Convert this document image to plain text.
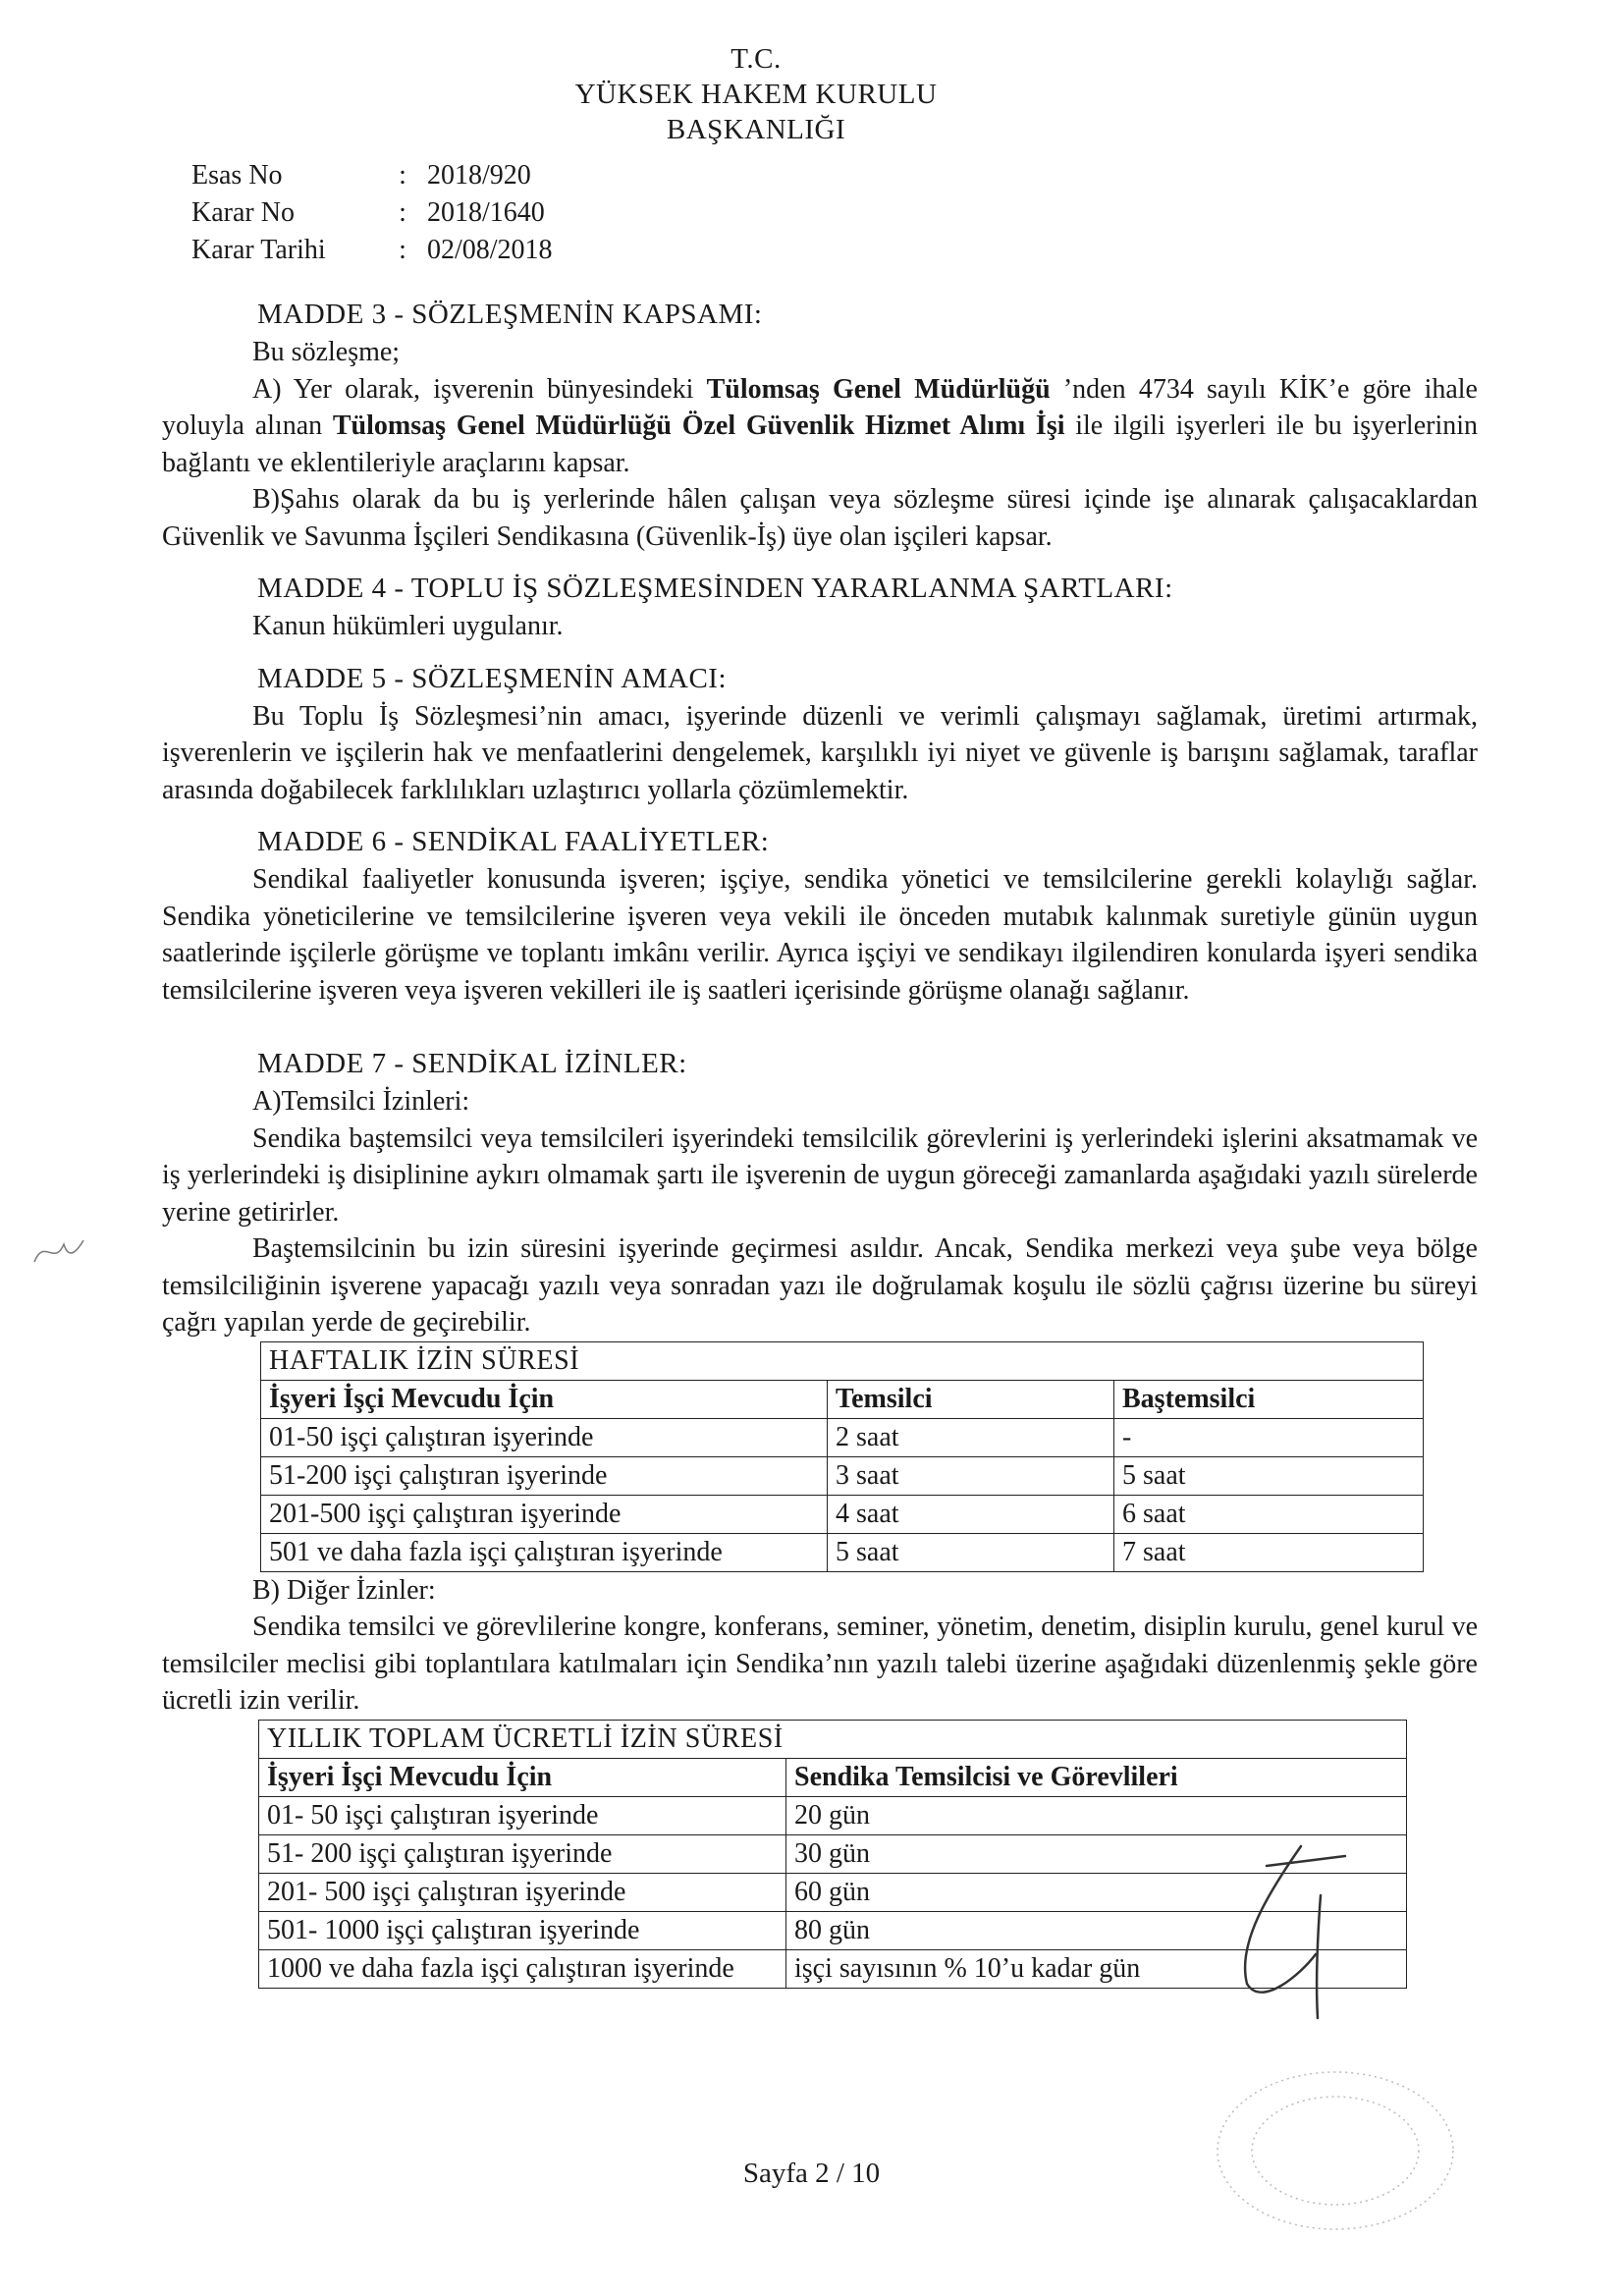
T.C.
YÜKSEK HAKEM KURULU
BAŞKANLIĞI
Esas No	: 2018/920
Karar No	: 2018/1640
Karar Tarihi	: 02/08/2018
MADDE 3 - SÖZLEŞMENİN KAPSAMI:

Bu sözleşme;

A) Yer olarak, işverenin bünyesindeki Tülomsaş Genel Müdürlüğü ’nden 4734 sayılı KİK’e göre ihale yoluyla alınan Tülomsaş Genel Müdürlüğü Özel Güvenlik Hizmet Alımı İşi ile ilgili işyerleri ile bu işyerlerinin bağlantı ve eklentileriyle araçlarını kapsar.

B)Şahıs olarak da bu iş yerlerinde hâlen çalışan veya sözleşme süresi içinde işe alınarak çalışacaklardan Güvenlik ve Savunma İşçileri Sendikasına (Güvenlik-İş) üye olan işçileri kapsar.

MADDE 4 - TOPLU İŞ SÖZLEŞMESİNDEN YARARLANMA ŞARTLARI:

Kanun hükümleri uygulanır.

MADDE 5 - SÖZLEŞMENİN AMACI:

Bu Toplu İş Sözleşmesi’nin amacı, işyerinde düzenli ve verimli çalışmayı sağlamak, üretimi artırmak, işverenlerin ve işçilerin hak ve menfaatlerini dengelemek, karşılıklı iyi niyet ve güvenle iş barışını sağlamak, taraflar arasında doğabilecek farklılıkları uzlaştırıcı yollarla çözümlemektir.

MADDE 6 - SENDİKAL FAALİYETLER:

Sendikal faaliyetler konusunda işveren; işçiye, sendika yönetici ve temsilcilerine gerekli kolaylığı sağlar. Sendika yöneticilerine ve temsilcilerine işveren veya vekili ile önceden mutabık kalınmak suretiyle günün uygun saatlerinde işçilerle görüşme ve toplantı imkânı verilir. Ayrıca işçiyi ve sendikayı ilgilendiren konularda işyeri sendika temsilcilerine işveren veya işveren vekilleri ile iş saatleri içerisinde görüşme olanağı sağlanır.

MADDE 7 - SENDİKAL İZİNLER:

A)Temsilci İzinleri:

Sendika baştemsilci veya temsilcileri işyerindeki temsilcilik görevlerini iş yerlerindeki işlerini aksatmamak ve iş yerlerindeki iş disiplinine aykırı olmamak şartı ile işverenin de uygun göreceği zamanlarda aşağıdaki yazılı sürelerde yerine getirirler.

Baştemsilcinin bu izin süresini işyerinde geçirmesi asıldır. Ancak, Sendika merkezi veya şube veya bölge temsilciliğinin işverene yapacağı yazılı veya sonradan yazı ile doğrulamak koşulu ile sözlü çağrısı üzerine bu süreyi çağrı yapılan yerde de geçirebilir.

HAFTALIK İZİN SÜRESİ		
İşyeri İşçi Mevcudu İçin	Temsilci	Baştemsilci
01-50 işçi çalıştıran işyerinde	2 saat	-
51-200 işçi çalıştıran işyerinde	3 saat	5 saat
201-500 işçi çalıştıran işyerinde	4 saat	6 saat
501 ve daha fazla işçi çalıştıran işyerinde	5 saat	7 saat

B) Diğer İzinler:

Sendika temsilci ve görevlilerine kongre, konferans, seminer, yönetim, denetim, disiplin kurulu, genel kurul ve temsilciler meclisi gibi toplantılara katılmaları için Sendika’nın yazılı talebi üzerine aşağıdaki düzenlenmiş şekle göre ücretli izin verilir.

YILLIK TOPLAM ÜCRETLİ İZİN SÜRESİ	
İşyeri İşçi Mevcudu İçin	Sendika Temsilcisi ve Görevlileri
01- 50 işçi çalıştıran işyerinde	20 gün
51- 200 işçi çalıştıran işyerinde	30 gün
201- 500 işçi çalıştıran işyerinde	60 gün
501- 1000 işçi çalıştıran işyerinde	80 gün
1000 ve daha fazla işçi çalıştıran işyerinde	işçi sayısının % 10’u kadar gün
Sayfa 2 / 10
